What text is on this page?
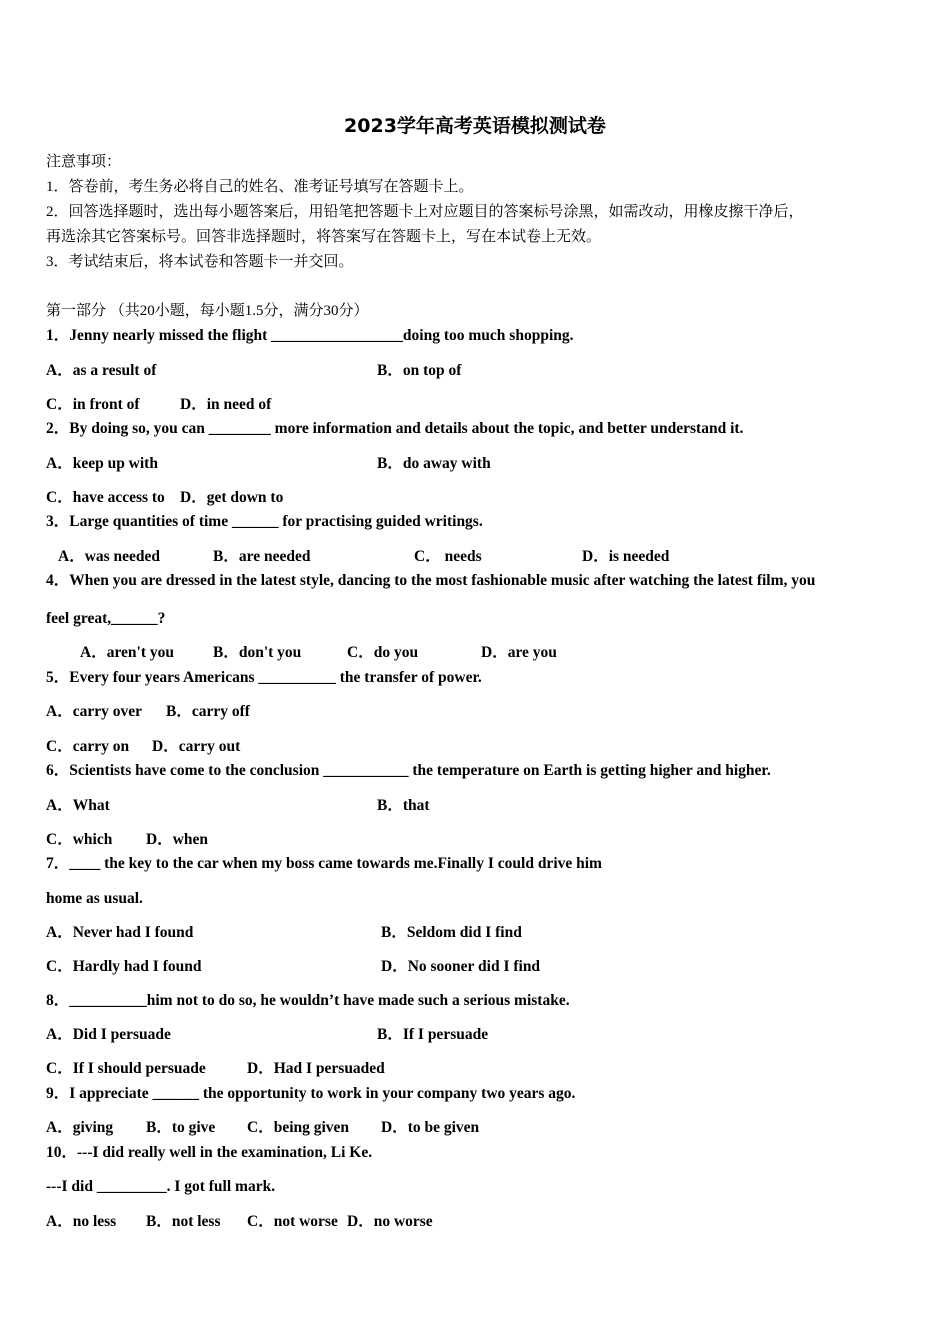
2023学年高考英语模拟测试卷
注意事项：
1．答卷前，考生务必将自己的姓名、准考证号填写在答题卡上。
2．回答选择题时，选出每小题答案后，用铅笔把答题卡上对应题目的答案标号涂黑，如需改动，用橡皮擦干净后，
再选涂其它答案标号。回答非选择题时，将答案写在答题卡上，写在本试卷上无效。
3．考试结束后，将本试卷和答题卡一并交回。
第一部分 （共20小题，每小题1.5分，满分30分）
1．Jenny nearly missed the flight _________________doing too much shopping.
A．as a result of	B．on top of
C．in front of	D．in need of
2．By doing so, you can ________ more information and details about the topic, and better understand it.
A．keep up with	B．do away with
C．have access to D．get down to
3．Large quantities of time ______ for practising guided writings.
A．was needed	B．are needed	C． needs	D．is needed
4．When you are dressed in the latest style, dancing to the most fashionable music after watching the latest film, you
feel great,______?
A．aren't you	B．don't you	C．do you	D．are you
5．Every four years Americans __________ the transfer of power.
A．carry over B．carry off
C．carry on D．carry out
6．Scientists have come to the conclusion ___________ the temperature on Earth is getting higher and higher.
A．What	B．that
C．which D．when
7．____ the key to the car when my boss came towards me.Finally I could drive him
home as usual.
A．Never had I found	B．Seldom did I find
C．Hardly had I found	D．No sooner did I find
8．__________him not to do so, he wouldn’t have made such a serious mistake.
A．Did I persuade	B．If I persuade
C．If I should persuade	D．Had I persuaded
9．I appreciate ______ the opportunity to work in your company two years ago.
A．giving B．to give C．being given D．to be given
10．---I did really well in the examination, Li Ke.
---I did _________. I got full mark.
A．no less B．not less C．not worse D．no worse
